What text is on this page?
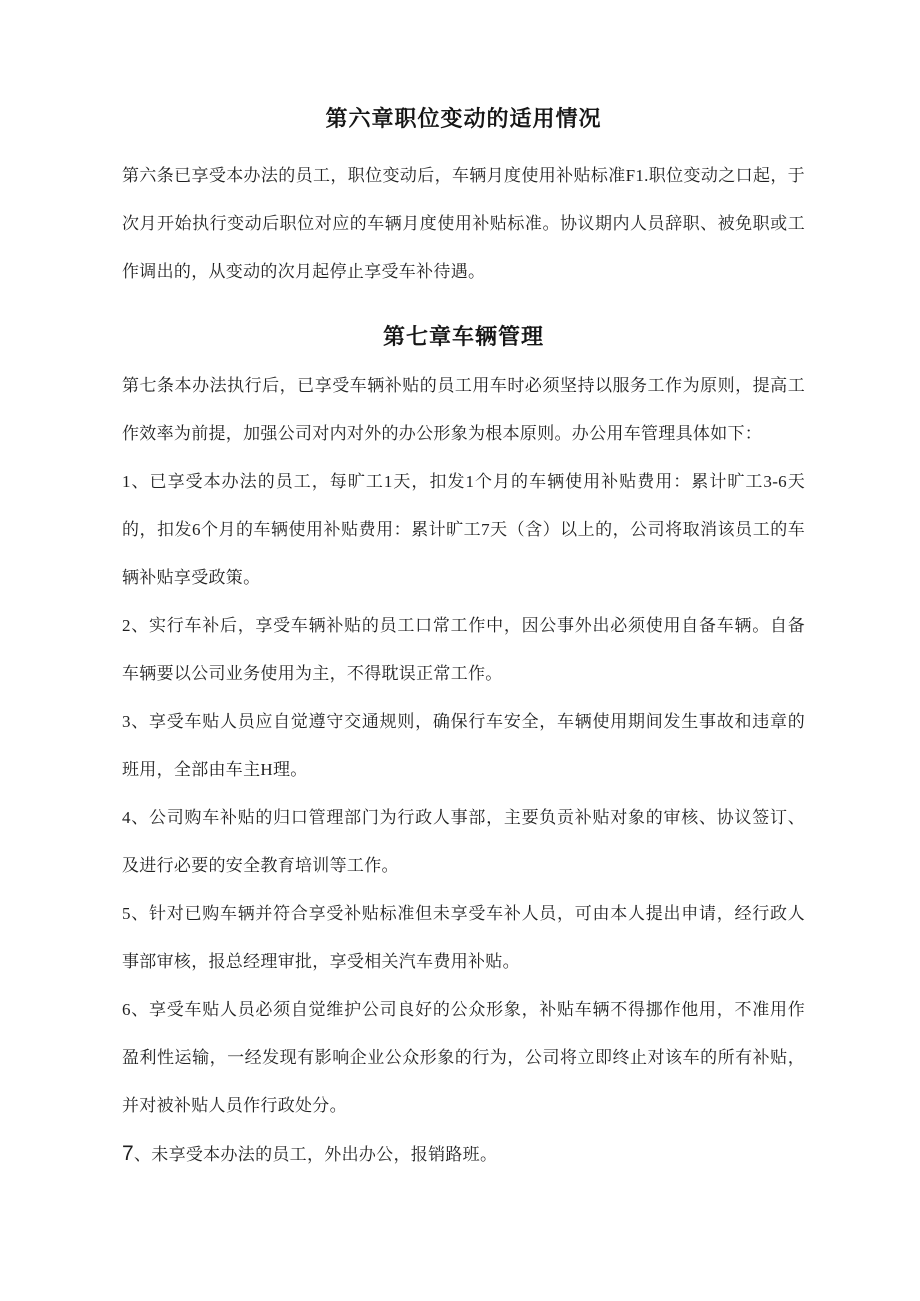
第六章职位变动的适用情况

第六条已享受本办法的员工，职位变动后，车辆月度使用补贴标准F1.职位变动之口起，于次月开始执行变动后职位对应的车辆月度使用补贴标准。协议期内人员辞职、被免职或工作调出的，从变动的次月起停止享受车补待遇。

第七章车辆管理

第七条本办法执行后，已享受车辆补贴的员工用车时必须坚持以服务工作为原则，提高工作效率为前提，加强公司对内对外的办公形象为根本原则。办公用车管理具体如下：

1、已享受本办法的员工，每旷工1天，扣发1个月的车辆使用补贴费用：累计旷工3-6天的，扣发6个月的车辆使用补贴费用：累计旷工7天（含）以上的，公司将取消该员工的车辆补贴享受政策。

2、实行车补后，享受车辆补贴的员工口常工作中，因公事外出必须使用自备车辆。自备车辆要以公司业务使用为主，不得耽误正常工作。

3、享受车贴人员应自觉遵守交通规则，确保行车安全，车辆使用期间发生事故和违章的班用，全部由车主H理。

4、公司购车补贴的归口管理部门为行政人事部，主要负贡补贴对象的审核、协议签订、及进行必要的安全教育培训等工作。

5、针对已购车辆并符合享受补贴标准但未享受车补人员，可由本人提出申请，经行政人事部审核，报总经理审批，享受相关汽车费用补贴。

6、享受车贴人员必须自觉维护公司良好的公众形象，补贴车辆不得挪作他用，不准用作盈利性运输，一经发现有影响企业公众形象的行为，公司将立即终止对该车的所有补贴，并对被补贴人员作行政处分。

7、未享受本办法的员工，外出办公，报销路班。
